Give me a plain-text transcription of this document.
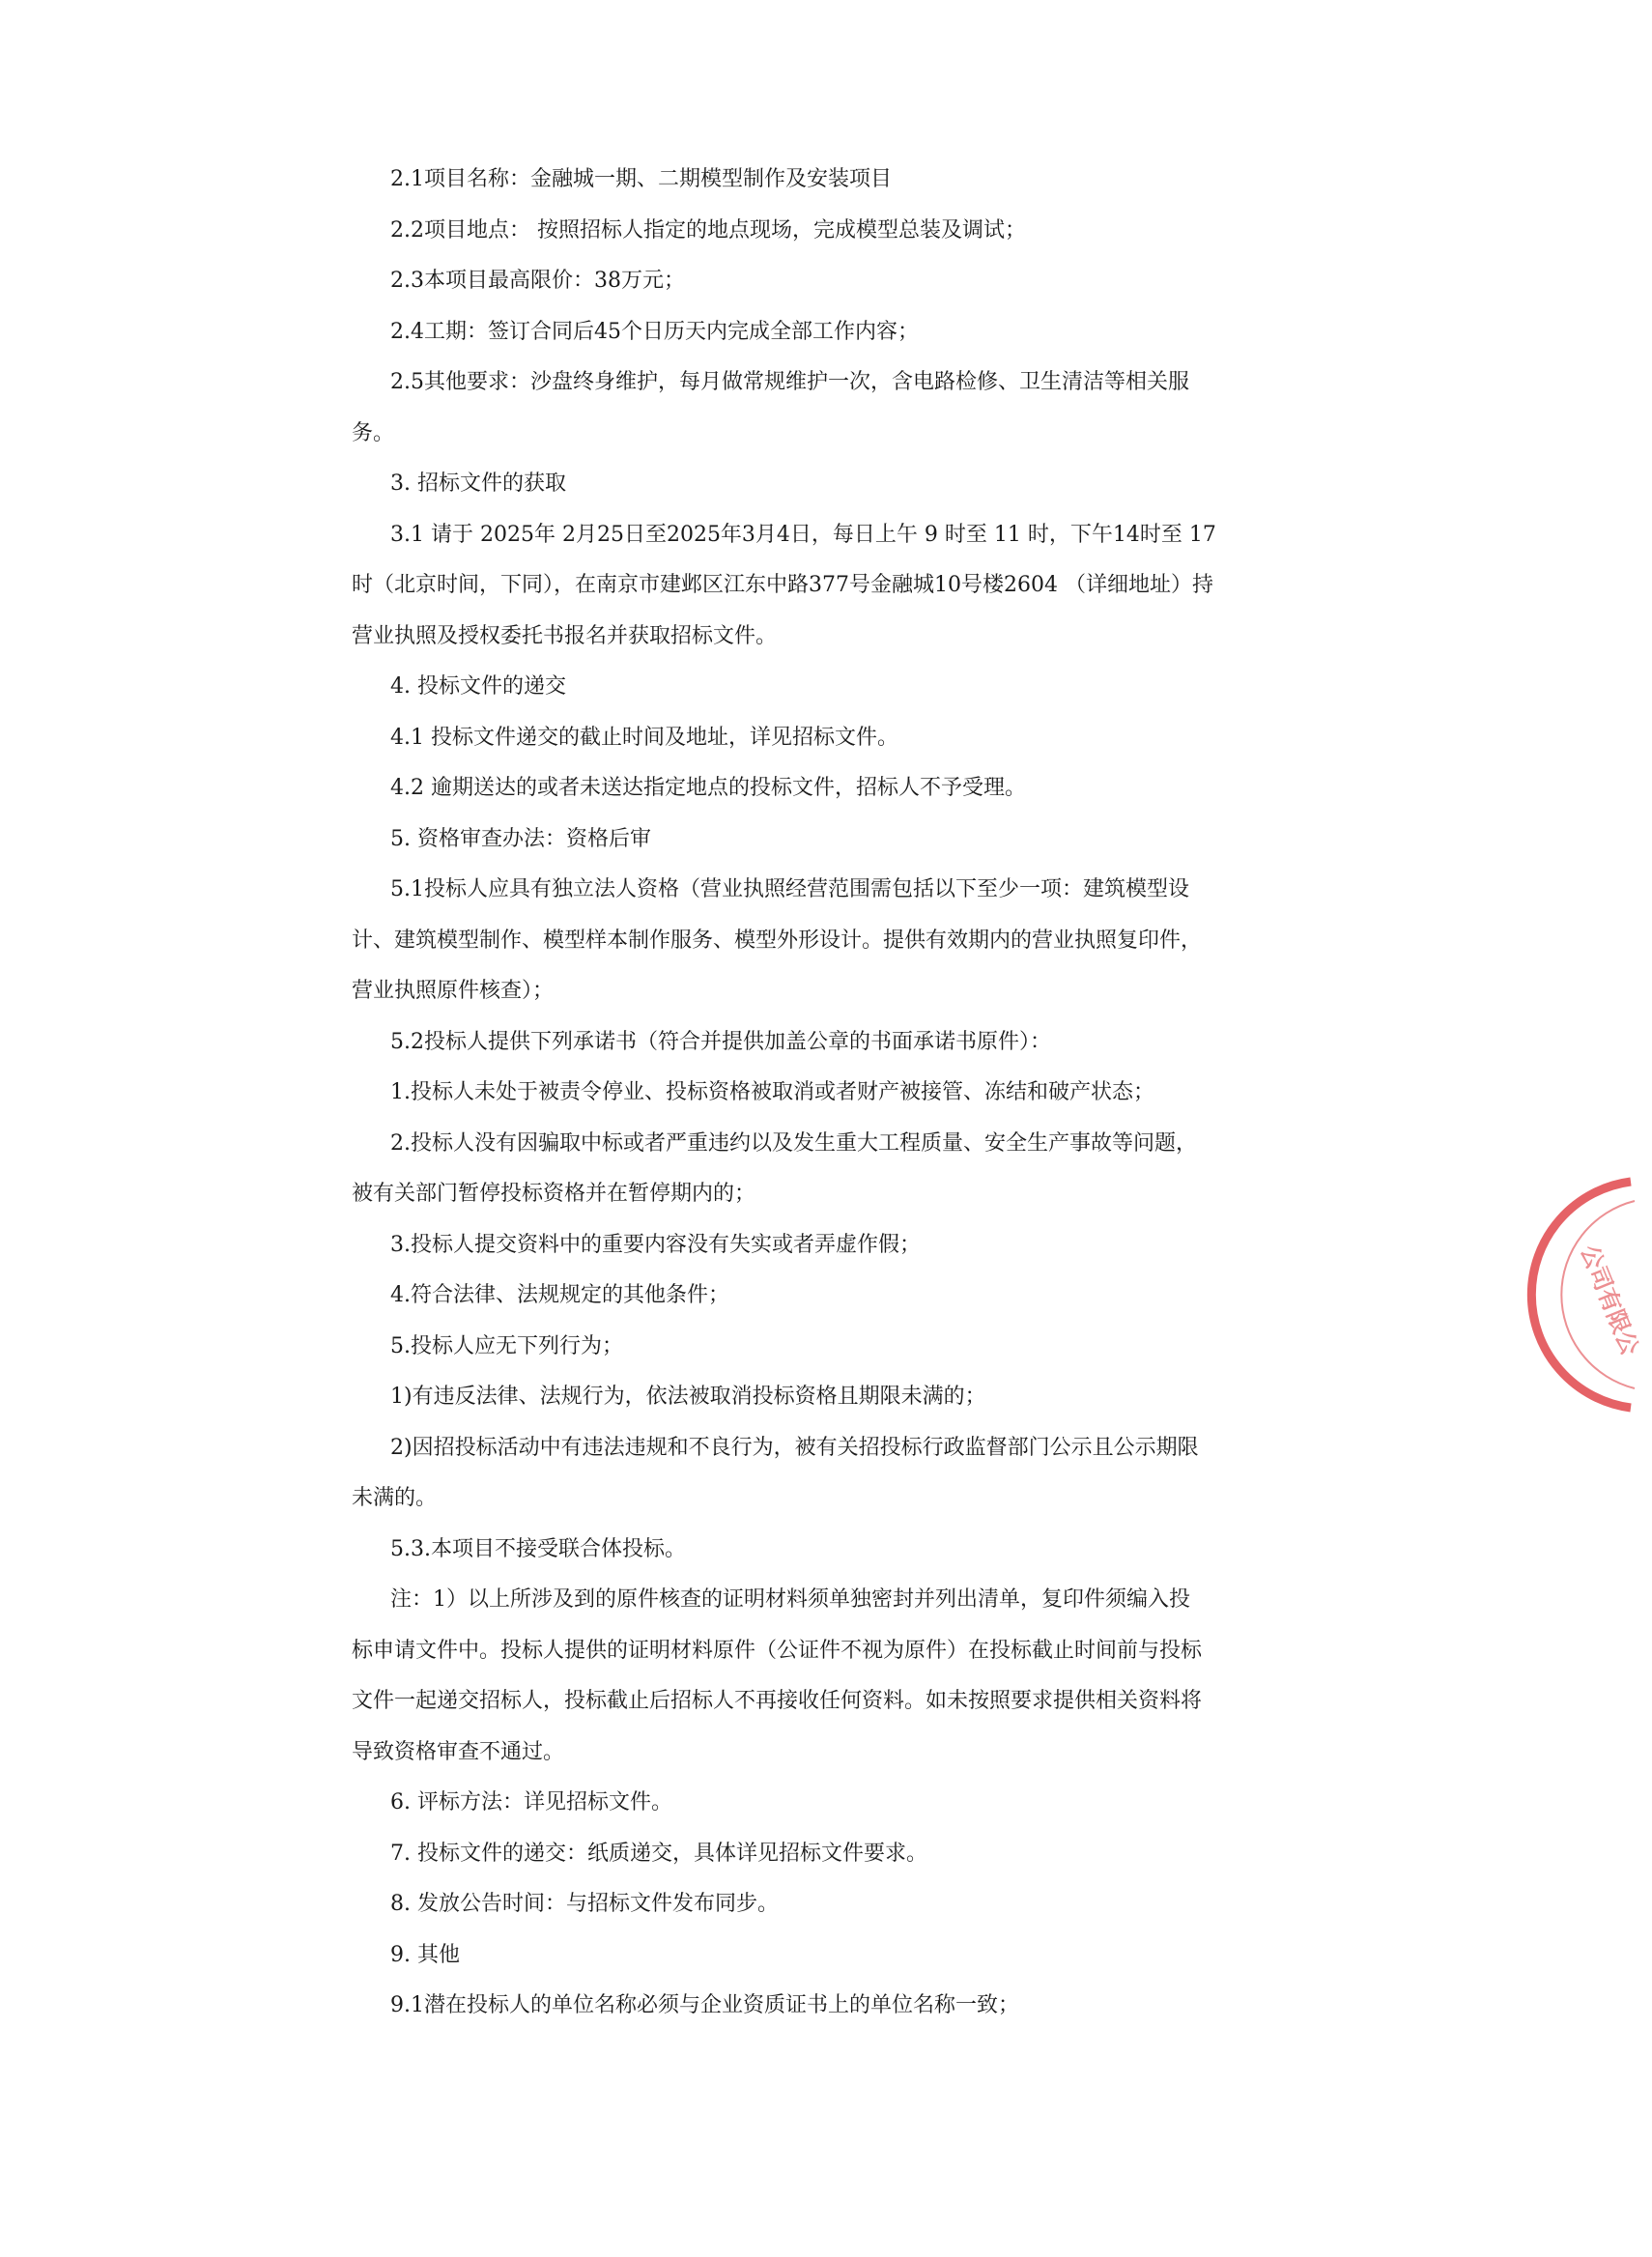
2.1项目名称：金融城一期、二期模型制作及安装项目

2.2项目地点： 按照招标人指定的地点现场，完成模型总装及调试；

2.3本项目最高限价：38万元；

2.4工期：签订合同后45个日历天内完成全部工作内容；

2.5其他要求：沙盘终身维护，每月做常规维护一次，含电路检修、卫生清洁等相关服

务。

3. 招标文件的获取

3.1 请于 2025年 2月25日至2025年3月4日，每日上午 9 时至 11 时，下午14时至 17

时（北京时间，下同），在南京市建邺区江东中路377号金融城10号楼2604 （详细地址）持

营业执照及授权委托书报名并获取招标文件。

4. 投标文件的递交

4.1 投标文件递交的截止时间及地址，详见招标文件。

4.2 逾期送达的或者未送达指定地点的投标文件，招标人不予受理。

5. 资格审查办法：资格后审

5.1投标人应具有独立法人资格（营业执照经营范围需包括以下至少一项：建筑模型设

计、建筑模型制作、模型样本制作服务、模型外形设计。提供有效期内的营业执照复印件，

营业执照原件核查）；

5.2投标人提供下列承诺书（符合并提供加盖公章的书面承诺书原件）：

1.投标人未处于被责令停业、投标资格被取消或者财产被接管、冻结和破产状态；

2.投标人没有因骗取中标或者严重违约以及发生重大工程质量、安全生产事故等问题，

被有关部门暂停投标资格并在暂停期内的；

3.投标人提交资料中的重要内容没有失实或者弄虚作假；

4.符合法律、法规规定的其他条件；

5.投标人应无下列行为；

1)有违反法律、法规行为，依法被取消投标资格且期限未满的；

2)因招投标活动中有违法违规和不良行为，被有关招投标行政监督部门公示且公示期限

未满的。

5.3.本项目不接受联合体投标。

注：1）以上所涉及到的原件核查的证明材料须单独密封并列出清单，复印件须编入投

标申请文件中。投标人提供的证明材料原件（公证件不视为原件）在投标截止时间前与投标

文件一起递交招标人，投标截止后招标人不再接收任何资料。如未按照要求提供相关资料将

导致资格审查不通过。

6. 评标方法：详见招标文件。

7. 投标文件的递交：纸质递交，具体详见招标文件要求。

8. 发放公告时间：与招标文件发布同步。

9. 其他

9.1潜在投标人的单位名称必须与企业资质证书上的单位名称一致；

公司有限公
